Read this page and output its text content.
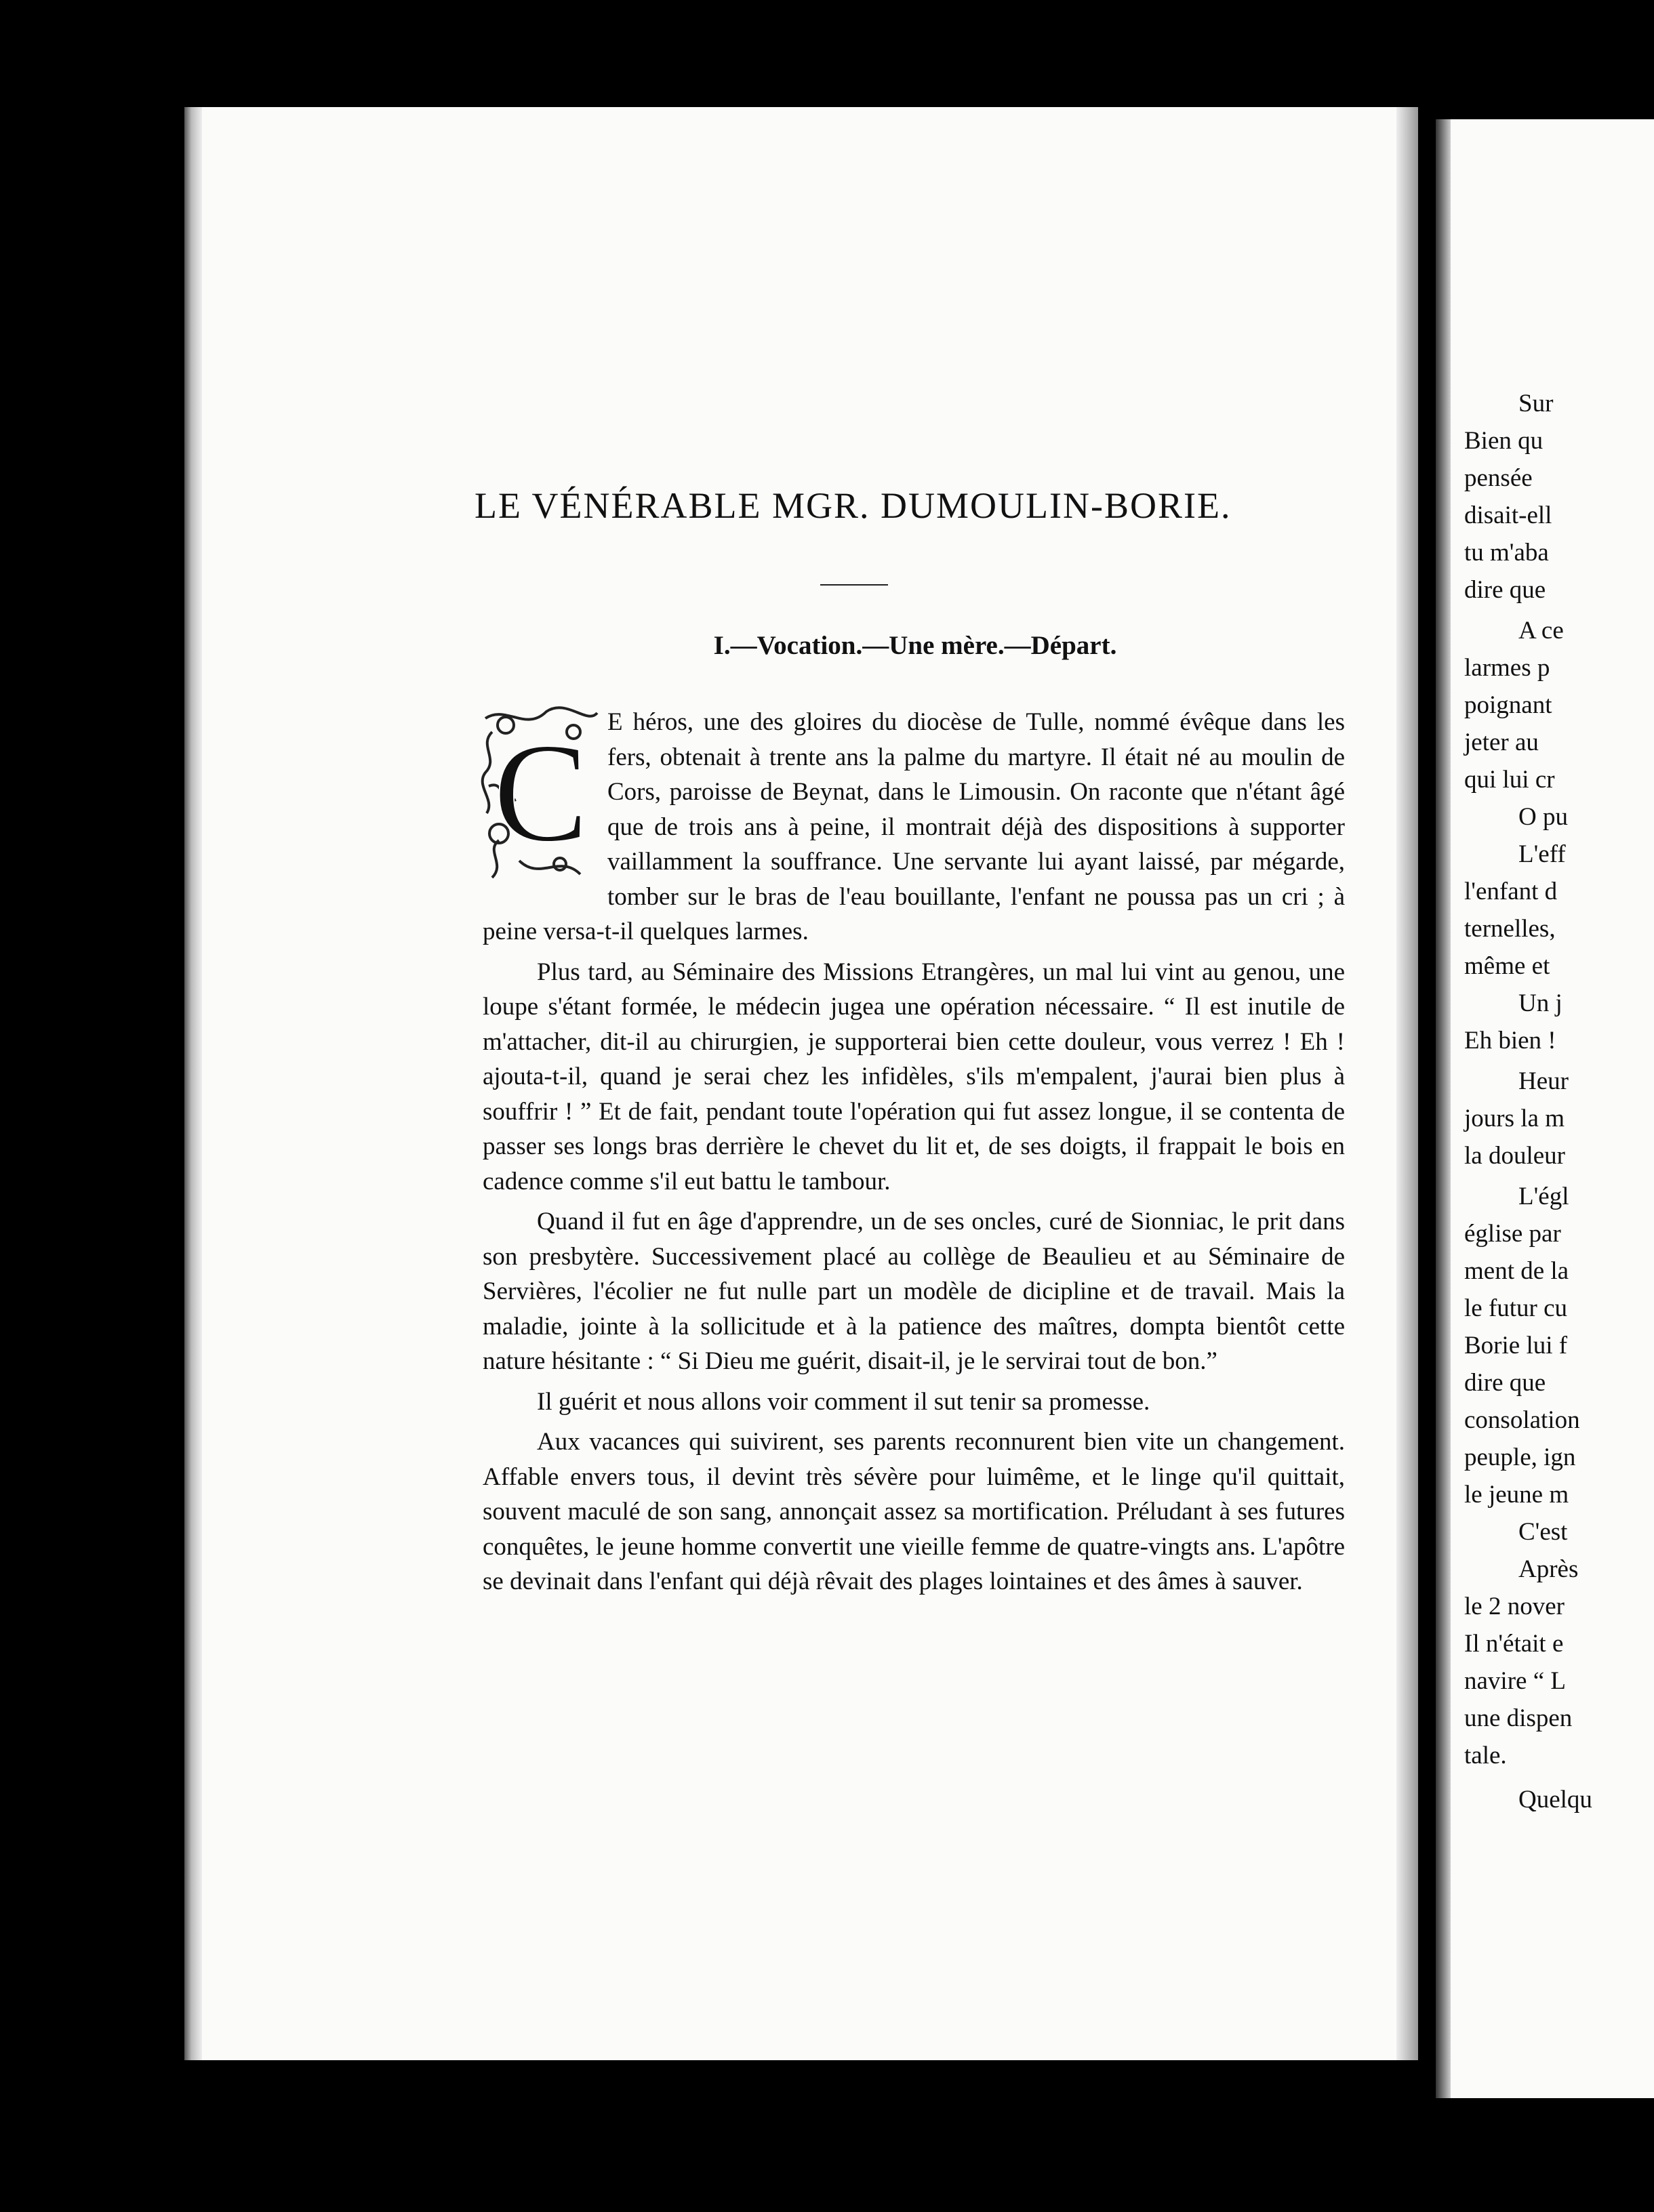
LE VÉNÉRABLE MGR. DUMOULIN-BORIE.
I.—Vocation.—Une mère.—Départ.

C E héros, une des gloires du diocèse de Tulle, nommé évêque dans les fers, obtenait à trente ans la palme du martyre. Il était né au moulin de Cors, paroisse de Beynat, dans le Limousin. On raconte que n'étant âgé que de trois ans à peine, il montrait déjà des dispositions à supporter vaillamment la souffrance. Une servante lui ayant laissé, par mégarde, tomber sur le bras de l'eau bouillante, l'enfant ne poussa pas un cri ; à peine versa-t-il quelques larmes.

Plus tard, au Séminaire des Missions Etrangères, un mal lui vint au genou, une loupe s'étant formée, le médecin jugea une opération nécessaire. “ Il est inutile de m'attacher, dit-il au chirurgien, je supporterai bien cette douleur, vous verrez ! Eh ! ajouta-t-il, quand je serai chez les infidèles, s'ils m'empalent, j'aurai bien plus à souffrir ! ” Et de fait, pendant toute l'opération qui fut assez longue, il se contenta de passer ses longs bras derrière le chevet du lit et, de ses doigts, il frappait le bois en cadence comme s'il eut battu le tambour.

Quand il fut en âge d'apprendre, un de ses oncles, curé de Sionniac, le prit dans son presbytère. Successivement placé au collège de Beaulieu et au Séminaire de Servières, l'écolier ne fut nulle part un modèle de dicipline et de travail. Mais la maladie, jointe à la sollicitude et à la patience des maîtres, dompta bientôt cette nature hésitante : “ Si Dieu me guérit, disait-il, je le servirai tout de bon.”

Il guérit et nous allons voir comment il sut tenir sa promesse.

Aux vacances qui suivirent, ses parents reconnurent bien vite un changement. Affable envers tous, il devint très sévère pour luimême, et le linge qu'il quittait, souvent maculé de son sang, annonçait assez sa mortification. Préludant à ses futures conquêtes, le jeune homme convertit une vieille femme de quatre-vingts ans. L'apôtre se devinait dans l'enfant qui déjà rêvait des plages lointaines et des âmes à sauver.

Sur
Bien qu
pensée
disait-ell
tu m'aba
dire que
A ce
larmes p
poignant
jeter au
qui lui cr
O pu
L'eff
l'enfant d
ternelles,
même et
Un j
Eh bien !
Heur
jours la m
la douleur
L'égl
église par
ment de la
le futur cu
Borie lui f
dire que
consolation
peuple, ign
le jeune m
C'est
Après
le 2 nover
Il n'était e
navire “ L
une dispen
tale.
Quelqu
